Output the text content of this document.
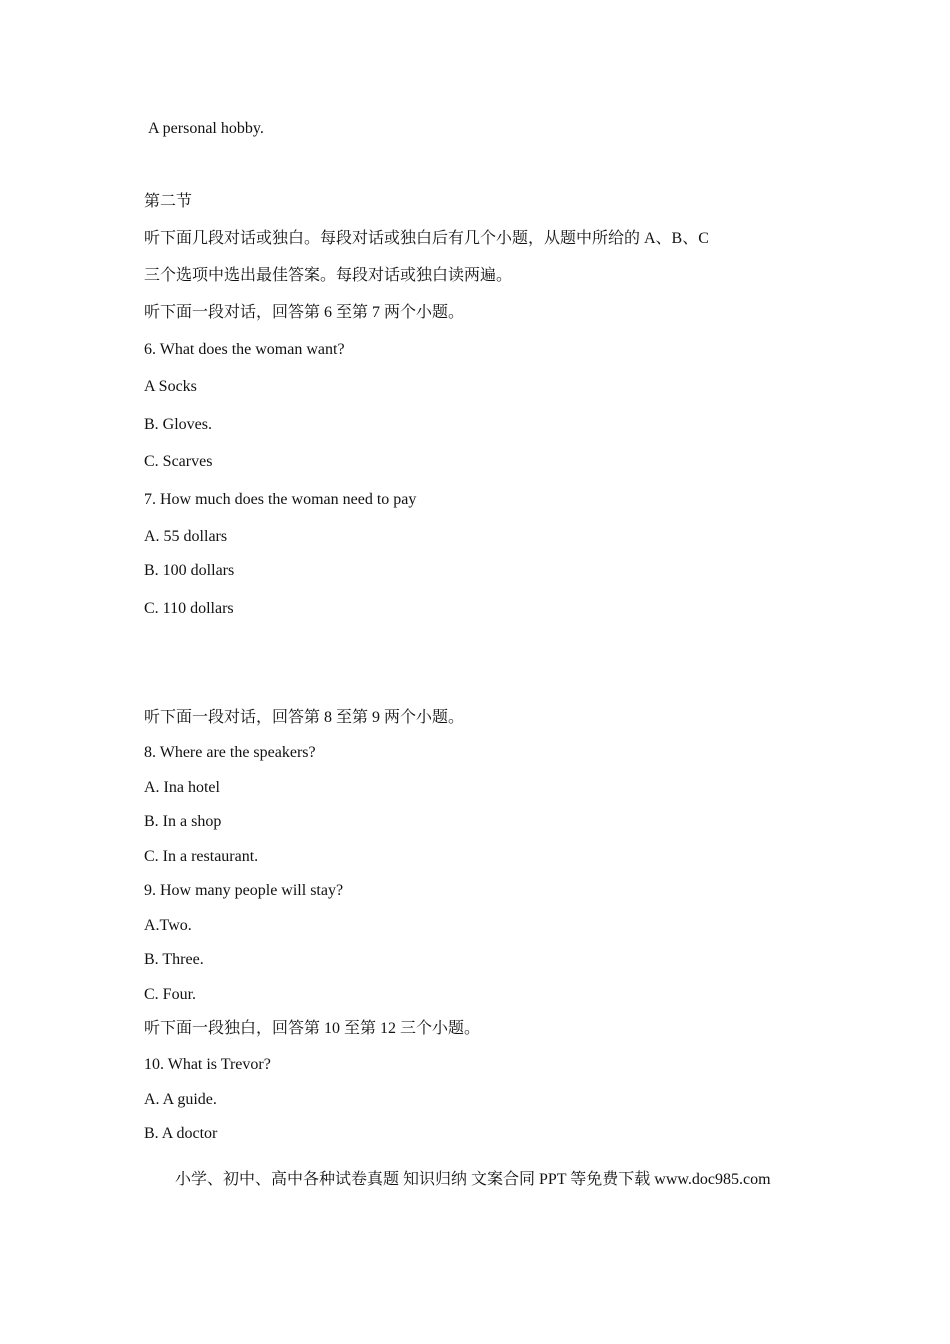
A personal hobby.
第二节
听下面几段对话或独白。每段对话或独白后有几个小题，从题中所给的 A、B、C
三个选项中选出最佳答案。每段对话或独白读两遍。
听下面一段对话，回答第 6 至第 7 两个小题。
6. What does the woman want?
A Socks
B. Gloves.
C. Scarves
7. How much does the woman need to pay
A. 55 dollars
B. 100 dollars
C. 110 dollars
听下面一段对话，回答第 8 至第 9 两个小题。
8. Where are the speakers?
A. Ina hotel
B. In a shop
C. In a restaurant.
9. How many people will stay?
A.Two.
B. Three.
C. Four.
听下面一段独白，回答第 10 至第 12 三个小题。
10. What is Trevor?
A. A guide.
B. A doctor
小学、初中、高中各种试卷真题 知识归纳 文案合同 PPT 等免费下载 www.doc985.com
